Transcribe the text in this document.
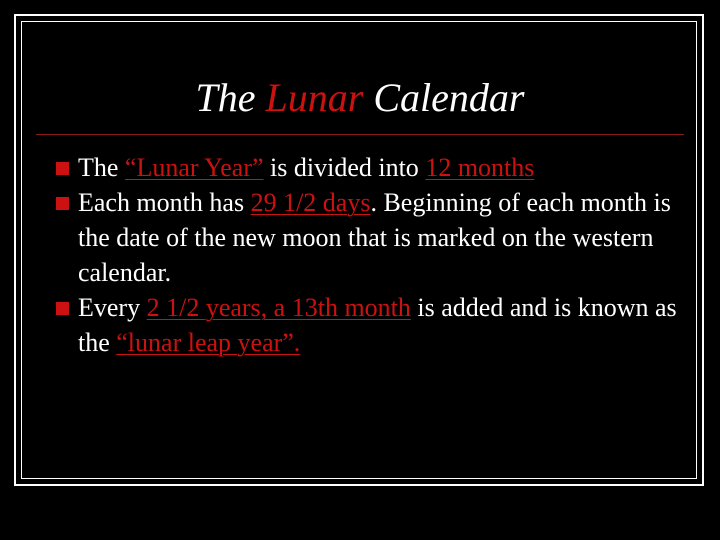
The Lunar Calendar
The “Lunar Year” is divided into 12 months
Each month has 29 1/2 days. Beginning of each month is the date of the new moon that is marked on the western calendar.
Every 2 1/2 years, a 13th month is added and is known as the “lunar leap year”.
